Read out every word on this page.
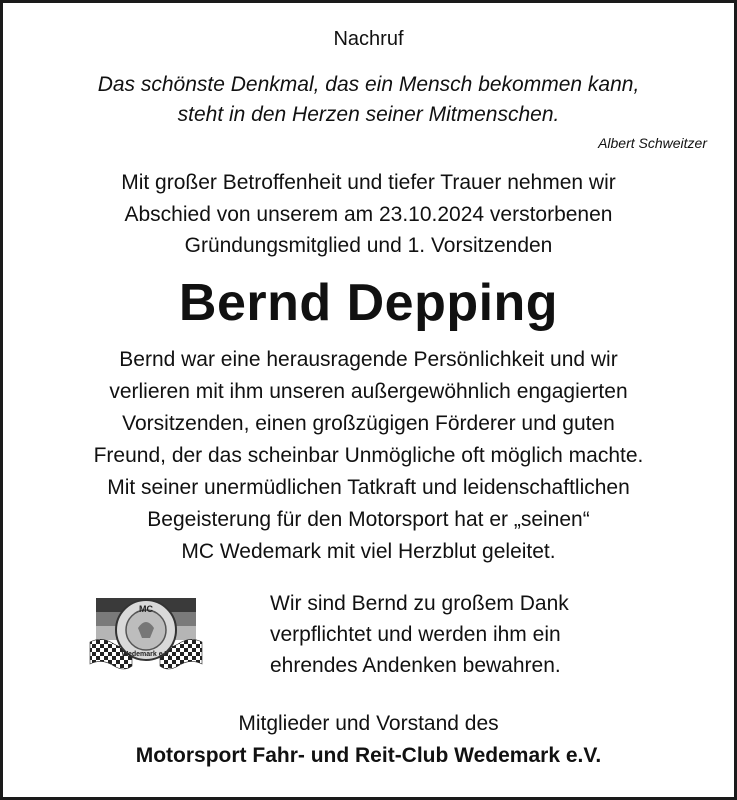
Nachruf
Das schönste Denkmal, das ein Mensch bekommen kann,
steht in den Herzen seiner Mitmenschen.
Albert Schweitzer
Mit großer Betroffenheit und tiefer Trauer nehmen wir
Abschied von unserem am 23.10.2024 verstorbenen
Gründungsmitglied und 1. Vorsitzenden
Bernd Depping
Bernd war eine herausragende Persönlichkeit und wir
verlieren mit ihm unseren außergewöhnlich engagierten
Vorsitzenden, einen großzügigen Förderer und guten
Freund, der das scheinbar Unmögliche oft möglich machte.
Mit seiner unermüdlichen Tatkraft und leidenschaftlichen
Begeisterung für den Motorsport hat er „seinen“
MC Wedemark mit viel Herzblut geleitet.
MC
Wedemark e.V.
Wir sind Bernd zu großem Dank
verpflichtet und werden ihm ein
ehrendes Andenken bewahren.
Mitglieder und Vorstand des
Motorsport Fahr- und Reit-Club Wedemark e.V.
